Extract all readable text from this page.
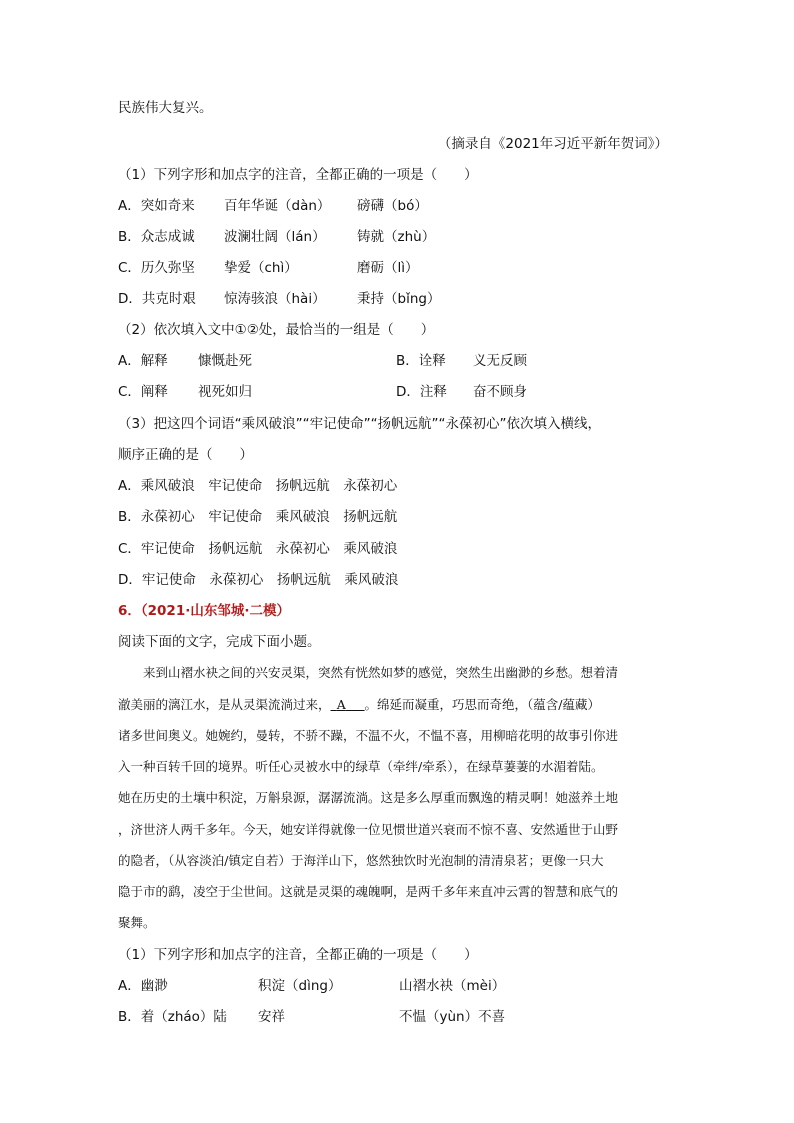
民族伟大复兴。
（摘录自《2021年习近平新年贺词》）
（1）下列字形和加点字的注音，全都正确的一项是（　　）
A．突如奇来 百年华诞（dàn） 磅礴（bó）
B．众志成诚 波澜壮阔（lán） 铸就（zhù）
C．历久弥坚 挚爱（chì）	磨砺（lì）
D．共克时艰 惊涛骇浪（hài） 秉持（bǐng）
（2）依次填入文中①②处，最恰当的一组是（　　）
A．解释 慷慨赴死	B．诠释 义无反顾
C．阐释 视死如归	D．注释 奋不顾身
（3）把这四个词语“乘风破浪”“牢记使命”“扬帆远航”“永葆初心”依次填入横线，
顺序正确的是（　　）
A．乘风破浪　牢记使命　扬帆远航　永葆初心
B．永葆初心　牢记使命　乘风破浪　扬帆远航
C．牢记使命　扬帆远航　永葆初心　乘风破浪
D．牢记使命　永葆初心　扬帆远航　乘风破浪
6．（2021·山东邹城·二模）
阅读下面的文字，完成下面小题。
　　来到山褶水袂之间的兴安灵渠，突然有恍然如梦的感觉，突然生出幽渺的乡愁。想着清
澈美丽的漓江水，是从灵渠流淌过来，  A    。绵延而凝重，巧思而奇绝，（蕴含/蕴藏）
诸多世间奥义。她婉约，曼转，不骄不躁，不温不火，不愠不喜，用柳暗花明的故事引你进
入一种百转千回的境界。听任心灵被水中的绿草（牵绊/牵系），在绿草萋萋的水湄着陆。
她在历史的土壤中积淀，万斛泉源，潺潺流淌。这是多么厚重而飘逸的精灵啊！她滋养土地
，济世济人两千多年。今天，她安详得就像一位见惯世道兴衰而不惊不喜、安然遁世于山野
的隐者，（从容淡泊/镇定自若）于海洋山下，悠然独饮时光泡制的清清泉茗；更像一只大
隐于市的鹞，凌空于尘世间。这就是灵渠的魂魄啊，是两千多年来直冲云霄的智慧和底气的
聚舞。
（1）下列字形和加点字的注音，全都正确的一项是（　　）
A．幽渺	积淀（dìng）	山褶水袂（mèi）
B．着（zháo）陆 安祥	不愠（yùn）不喜
